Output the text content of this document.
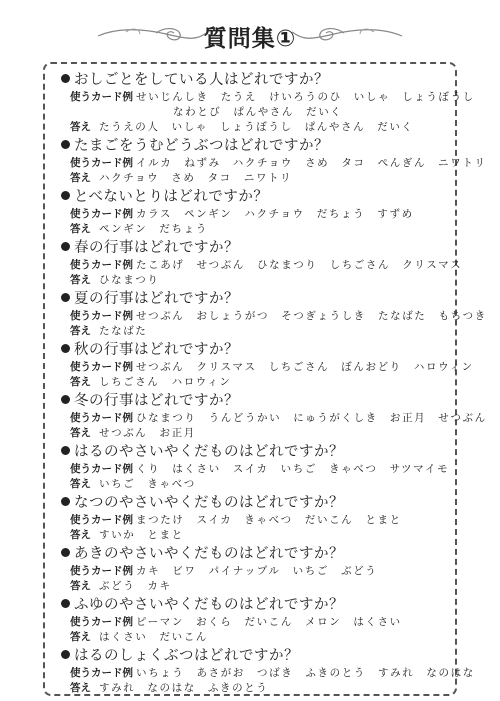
質問集①
おしごとをしている人はどれですか？
使うカード例 せいじんしき　たうえ　けいろうのひ　いしゃ　しょうぼうし
なわとび　ぱんやさん　だいく
答え たうえの人　いしゃ　しょうぼうし　ぱんやさん　だいく
たまごをうむどうぶつはどれですか？
使うカード例 イルカ　ねずみ　ハクチョウ　さめ　タコ　ぺんぎん　ニワトリ
答え ハクチョウ　さめ　タコ　ニワトリ
とべないとりはどれですか？
使うカード例 カラス　ペンギン　ハクチョウ　だちょう　すずめ
答え ペンギン　だちょう
春の行事はどれですか？
使うカード例 たこあげ　せつぶん　ひなまつり　しちごさん　クリスマス
答え ひなまつり
夏の行事はどれですか？
使うカード例 せつぶん　おしょうがつ　そつぎょうしき　たなばた　もちつき
答え たなばた
秋の行事はどれですか？
使うカード例 せつぶん　クリスマス　しちごさん　ぼんおどり　ハロウィン
答え しちごさん　ハロウィン
冬の行事はどれですか？
使うカード例 ひなまつり　うんどうかい　にゅうがくしき　お正月　せつぶん
答え せつぶん　お正月
はるのやさいやくだものはどれですか？
使うカード例 くり　はくさい　スイカ　いちご　きゃべつ　サツマイモ
答え いちご　きゃべつ
なつのやさいやくだものはどれですか？
使うカード例 まつたけ　スイカ　きゃべつ　だいこん　とまと
答え すいか　とまと
あきのやさいやくだものはどれですか？
使うカード例 カキ　ビワ　パイナップル　いちご　ぶどう
答え ぶどう　カキ
ふゆのやさいやくだものはどれですか？
使うカード例 ピーマン　おくら　だいこん　メロン　はくさい
答え はくさい　だいこん
はるのしょくぶつはどれですか？
使うカード例 いちょう　あさがお　つばき　ふきのとう　すみれ　なのはな
答え すみれ　なのはな　ふきのとう
